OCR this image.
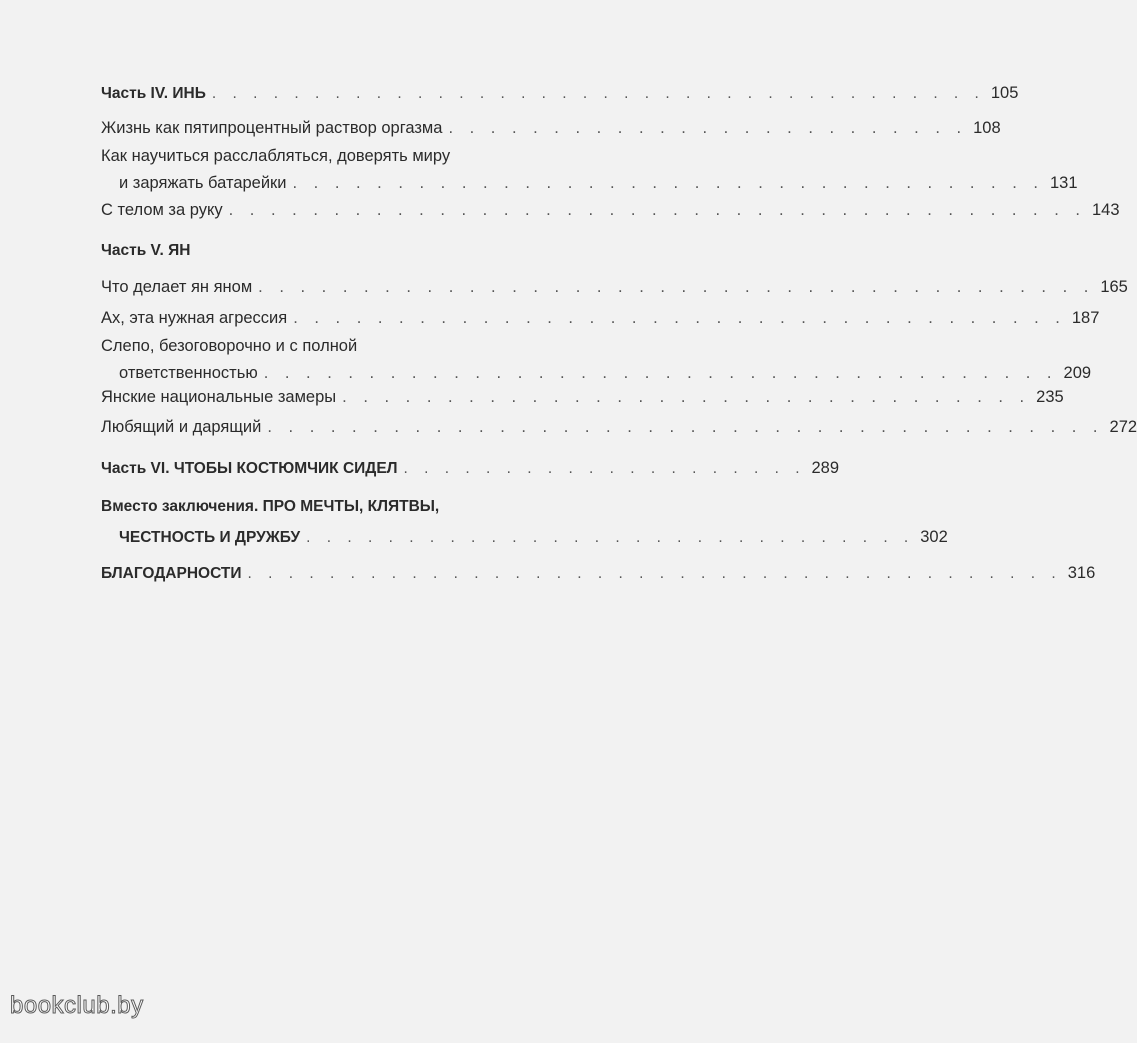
Часть IV. ИНЬ . . . . . . . . . . . . . . . . . . . . . . . . . . . . . . . . . . . . . . 105
Жизнь как пятипроцентный раствор оргазма . . . . . . . . . . . . . . . . . . . . . . . . . 108
Как научиться расслабляться, доверять миру
и заряжать батарейки . . . . . . . . . . . . . . . . . . . . . . . . . . . . . . . . . . . . 131
С телом за руку . . . . . . . . . . . . . . . . . . . . . . . . . . . . . . . . . . . . . . . . . 143
Часть V. ЯН
Что делает ян яном . . . . . . . . . . . . . . . . . . . . . . . . . . . . . . . . . . . . . . . . 165
Ах, эта нужная агрессия . . . . . . . . . . . . . . . . . . . . . . . . . . . . . . . . . . . . . 187
Слепо, безоговорочно и с полной
ответственностью . . . . . . . . . . . . . . . . . . . . . . . . . . . . . . . . . . . . . . 209
Янские национальные замеры . . . . . . . . . . . . . . . . . . . . . . . . . . . . . . . . . 235
Любящий и дарящий . . . . . . . . . . . . . . . . . . . . . . . . . . . . . . . . . . . . . . . . 272
Часть VI. ЧТОБЫ КОСТЮМЧИК СИДЕЛ . . . . . . . . . . . . . . . . . . . . 289
Вместо заключения. ПРО МЕЧТЫ, КЛЯТВЫ,
ЧЕСТНОСТЬ И ДРУЖБУ . . . . . . . . . . . . . . . . . . . . . . . . . . . . . . 302
БЛАГОДАРНОСТИ . . . . . . . . . . . . . . . . . . . . . . . . . . . . . . . . . . . . . . . . 316
bookclub.by
